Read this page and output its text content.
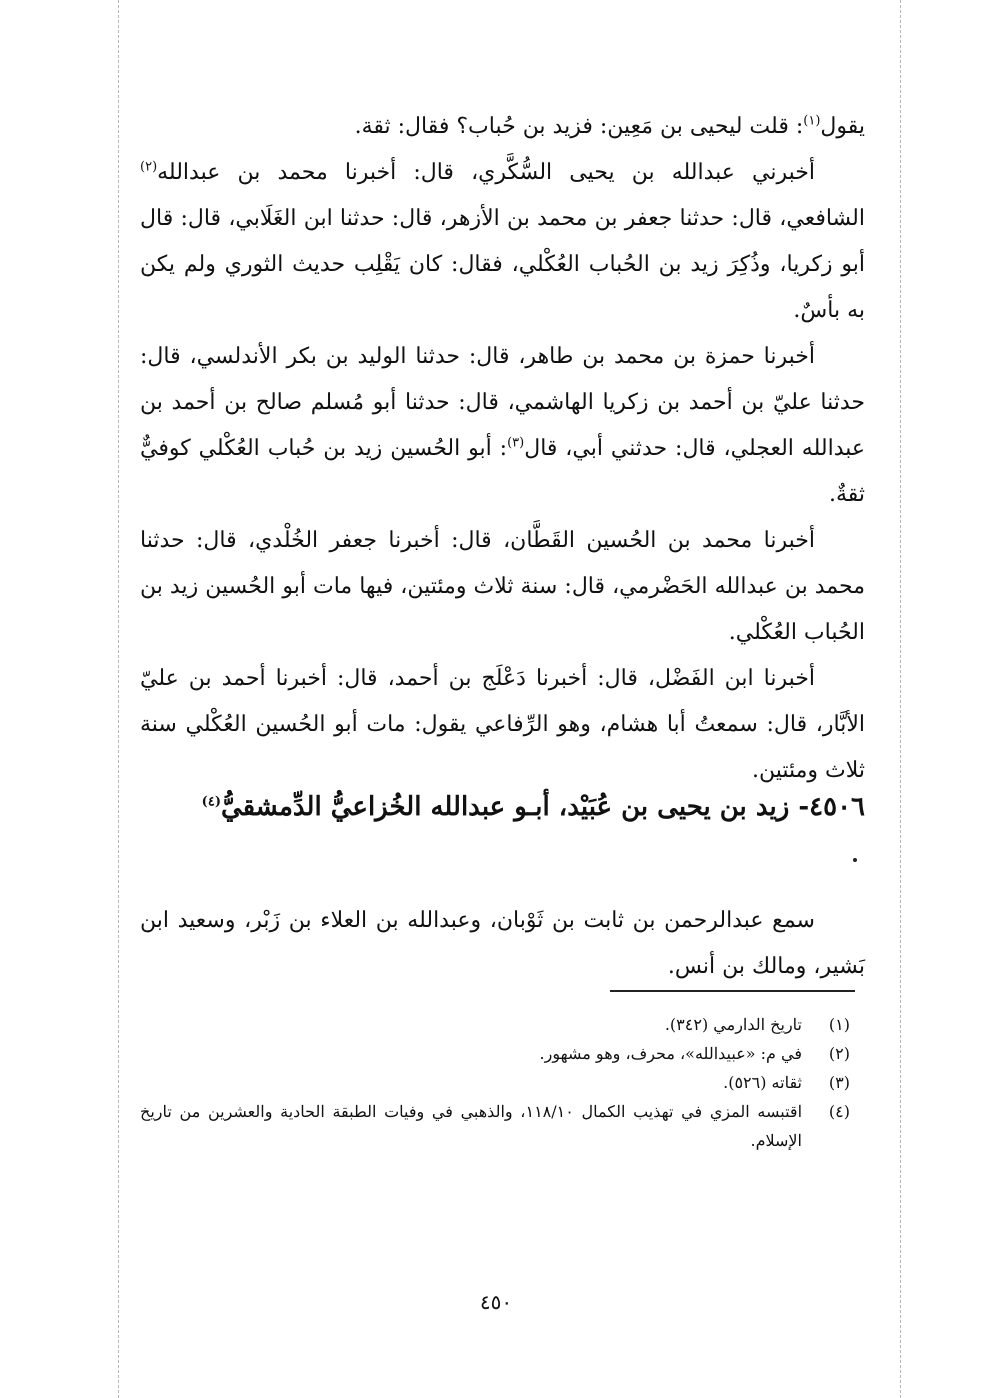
يقول$^{(١)}$: قلت ليحيى بن مَعِين: فزيد بن حُباب؟ فقال: ثقة.

أخبرني عبدالله بن يحيى السُّكَّري، قال: أخبرنا محمد بن عبدالله$^{(٢)}$ الشافعي، قال: حدثنا جعفر بن محمد بن الأزهر، قال: حدثنا ابن الغَلَابي، قال: قال أبو زكريا، وذُكِرَ زيد بن الحُباب العُكْلي، فقال: كان يَقْلِب حديث الثوري ولم يكن به بأسٌ.

أخبرنا حمزة بن محمد بن طاهر، قال: حدثنا الوليد بن بكر الأندلسي، قال: حدثنا عليّ بن أحمد بن زكريا الهاشمي، قال: حدثنا أبو مُسلم صالح بن أحمد بن عبدالله العجلي، قال: حدثني أبي، قال$^{(٣)}$: أبو الحُسين زيد بن حُباب العُكْلي كوفيٌّ ثقةٌ.

أخبرنا محمد بن الحُسين القَطَّان، قال: أخبرنا جعفر الخُلْدي، قال: حدثنا محمد بن عبدالله الحَضْرمي، قال: سنة ثلاث ومئتين، فيها مات أبو الحُسين زيد بن الحُباب العُكْلي.

أخبرنا ابن الفَضْل، قال: أخبرنا دَعْلَج بن أحمد، قال: أخبرنا أحمد بن عليّ الأبَّار، قال: سمعتُ أبا هشام، وهو الرِّفاعي يقول: مات أبو الحُسين العُكْلي سنة ثلاث ومئتين.

٤٥٠٦- زيد بن يحيى بن عُبَيْد، أبـو عبدالله الخُزاعيُّ الدِّمشقيُّ$^{(٤)}$

سمع عبدالرحمن بن ثابت بن ثَوْبان، وعبدالله بن العلاء بن زَبْر، وسعيد ابن بَشير، ومالك بن أنس.

(١)
تاريخ الدارمي (٣٤٢).
(٢)
في م: «عبيدالله»، محرف، وهو مشهور.
(٣)
ثقاته (٥٢٦).
(٤)
اقتبسه المزي في تهذيب الكمال ١١٨/١٠، والذهبي في وفيات الطبقة الحادية والعشرين من تاريخ الإسلام.
٤٥٠
